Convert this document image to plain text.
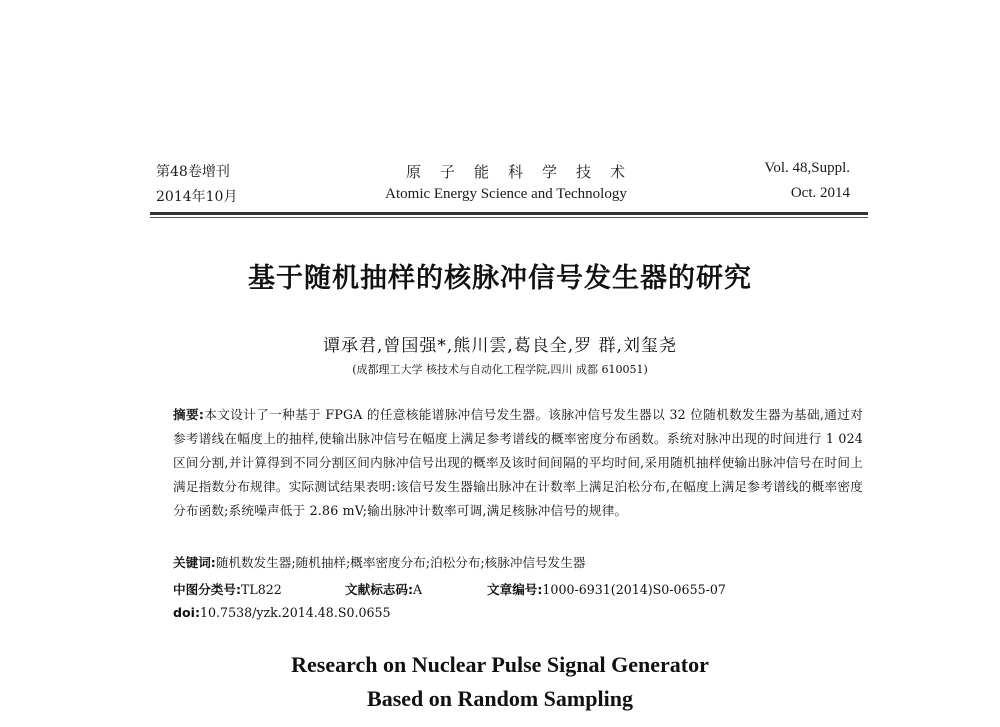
第48卷增刊
2014年10月
原子能科学技术
Atomic Energy Science and Technology
Vol. 48,Suppl.
Oct. 2014
基于随机抽样的核脉冲信号发生器的研究
谭承君,曾国强*,熊川雲,葛良全,罗 群,刘玺尧
(成都理工大学 核技术与自动化工程学院,四川 成都 610051)
摘要:本文设计了一种基于 FPGA 的任意核能谱脉冲信号发生器。该脉冲信号发生器以 32 位随机数发生器为基础,通过对参考谱线在幅度上的抽样,使输出脉冲信号在幅度上满足参考谱线的概率密度分布函数。系统对脉冲出现的时间进行 1 024 区间分割,并计算得到不同分割区间内脉冲信号出现的概率及该时间间隔的平均时间,采用随机抽样使输出脉冲信号在时间上满足指数分布规律。实际测试结果表明:该信号发生器输出脉冲在计数率上满足泊松分布,在幅度上满足参考谱线的概率密度分布函数;系统噪声低于 2.86 mV;输出脉冲计数率可调,满足核脉冲信号的规律。
关键词:随机数发生器;随机抽样;概率密度分布;泊松分布;核脉冲信号发生器
中图分类号:TL822	文献标志码:A	文章编号:1000-6931(2014)S0-0655-07
doi:10.7538/yzk.2014.48.S0.0655
Research on Nuclear Pulse Signal Generator
Based on Random Sampling
